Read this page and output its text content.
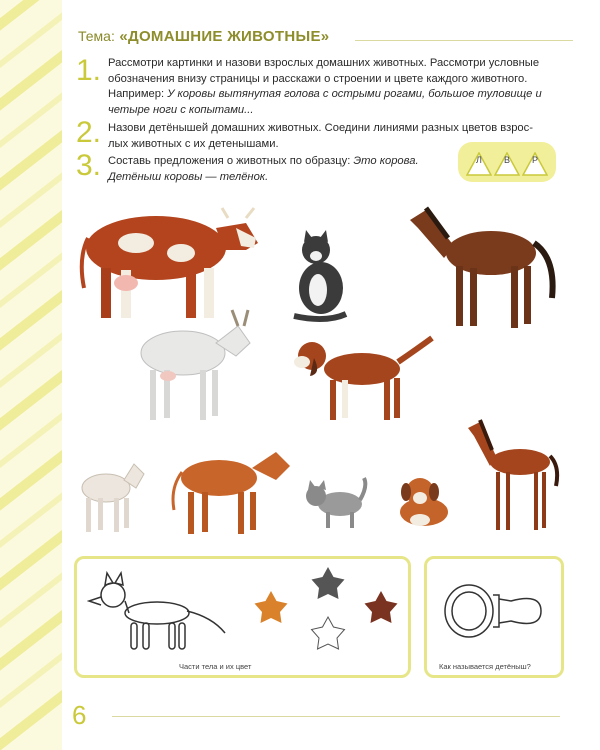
Тема: «ДОМАШНИЕ ЖИВОТНЫЕ»
1. Рассмотри картинки и назови взрослых домашних животных. Рассмотри условные
обозначения внизу страницы и расскажи о строении и цвете каждого животного.
Например: У коровы вытянутая голова с острыми рогами, большое туловище и
четыре ноги с копытами...
2. Назови детёнышей домашних животных. Соедини линиями разных цветов взрос-
лых животных с их детенышами.
3. Составь предложения о животных по образцу: Это корова.
Детёныш коровы — телёнок.
Л	В	Р
Части тела и их цвет	Как называется детёныш?
6
